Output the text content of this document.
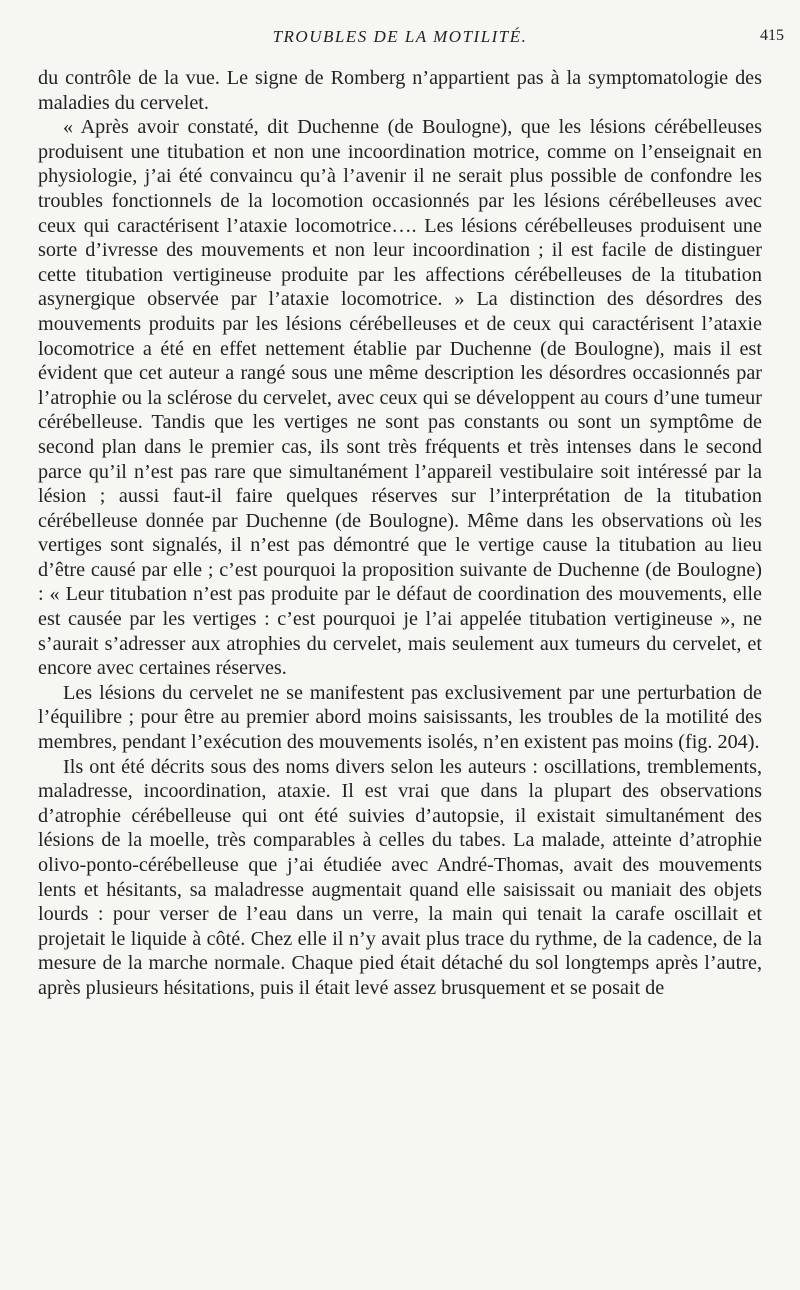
TROUBLES DE LA MOTILITÉ.	415

du contrôle de la vue. Le signe de Romberg n’appartient pas à la symptomatologie des maladies du cervelet.

« Après avoir constaté, dit Duchenne (de Boulogne), que les lésions cérébelleuses produisent une titubation et non une incoordination motrice, comme on l’enseignait en physiologie, j’ai été convaincu qu’à l’avenir il ne serait plus possible de confondre les troubles fonctionnels de la locomotion occasionnés par les lésions cérébelleuses avec ceux qui caractérisent l’ataxie locomotrice…. Les lésions cérébelleuses produisent une sorte d’ivresse des mouvements et non leur incoordination ; il est facile de distinguer cette titubation vertigineuse produite par les affections cérébelleuses de la titubation asynergique observée par l’ataxie locomotrice. » La distinction des désordres des mouvements produits par les lésions cérébelleuses et de ceux qui caractérisent l’ataxie locomotrice a été en effet nettement établie par Duchenne (de Boulogne), mais il est évident que cet auteur a rangé sous une même description les désordres occasionnés par l’atrophie ou la sclérose du cervelet, avec ceux qui se développent au cours d’une tumeur cérébelleuse. Tandis que les vertiges ne sont pas constants ou sont un symptôme de second plan dans le premier cas, ils sont très fréquents et très intenses dans le second parce qu’il n’est pas rare que simultanément l’appareil vestibulaire soit intéressé par la lésion ; aussi faut-il faire quelques réserves sur l’interprétation de la titubation cérébelleuse donnée par Duchenne (de Boulogne). Même dans les observations où les vertiges sont signalés, il n’est pas démontré que le vertige cause la titubation au lieu d’être causé par elle ; c’est pourquoi la proposition suivante de Duchenne (de Boulogne) : « Leur titubation n’est pas produite par le défaut de coordination des mouvements, elle est causée par les vertiges : c’est pourquoi je l’ai appelée titubation vertigineuse », ne s’aurait s’adresser aux atrophies du cervelet, mais seulement aux tumeurs du cervelet, et encore avec certaines réserves.

Les lésions du cervelet ne se manifestent pas exclusivement par une perturbation de l’équilibre ; pour être au premier abord moins saisissants, les troubles de la motilité des membres, pendant l’exécution des mouvements isolés, n’en existent pas moins (fig. 204).

Ils ont été décrits sous des noms divers selon les auteurs : oscillations, tremblements, maladresse, incoordination, ataxie. Il est vrai que dans la plupart des observations d’atrophie cérébelleuse qui ont été suivies d’autopsie, il existait simultanément des lésions de la moelle, très comparables à celles du tabes. La malade, atteinte d’atrophie olivo-ponto-cérébelleuse que j’ai étudiée avec André-Thomas, avait des mouvements lents et hésitants, sa maladresse augmentait quand elle saisissait ou maniait des objets lourds : pour verser de l’eau dans un verre, la main qui tenait la carafe oscillait et projetait le liquide à côté. Chez elle il n’y avait plus trace du rythme, de la cadence, de la mesure de la marche normale. Chaque pied était détaché du sol longtemps après l’autre, après plusieurs hésitations, puis il était levé assez brusquement et se posait de
